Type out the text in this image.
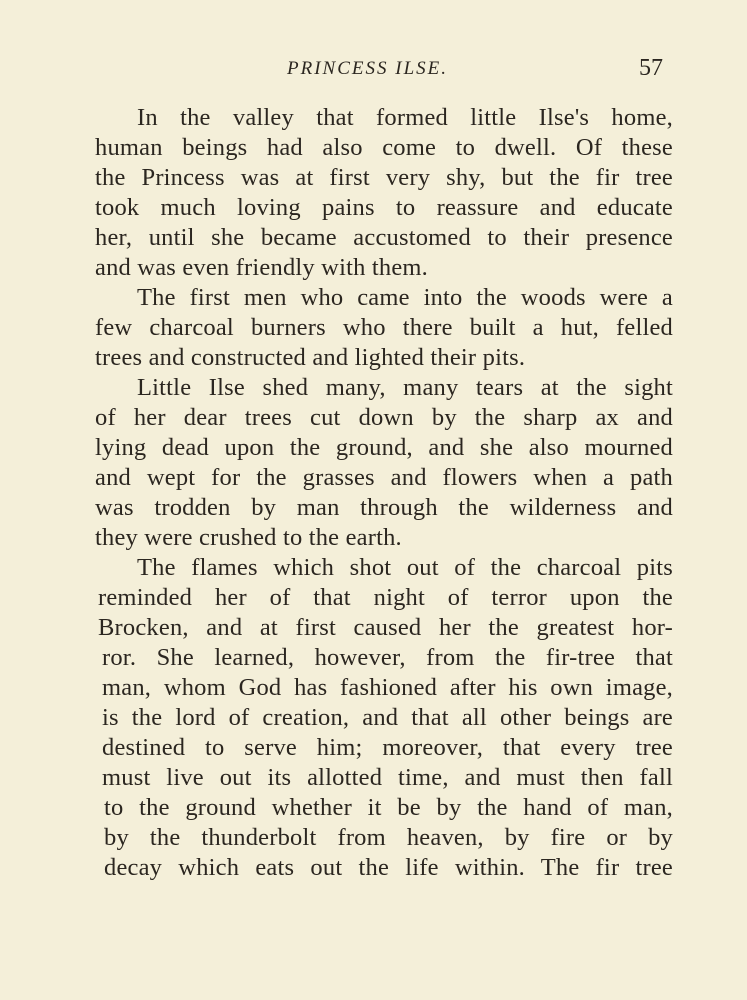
PRINCESS ILSE.	57
In the valley that formed little Ilse's home,
human beings had also come to dwell. Of these
the Princess was at first very shy, but the fir tree
took much loving pains to reassure and educate
her, until she became accustomed to their presence
and was even friendly with them.
The first men who came into the woods were a
few charcoal burners who there built a hut, felled
trees and constructed and lighted their pits.
Little Ilse shed many, many tears at the sight
of her dear trees cut down by the sharp ax and
lying dead upon the ground, and she also mourned
and wept for the grasses and flowers when a path
was trodden by man through the wilderness and
they were crushed to the earth.
The flames which shot out of the charcoal pits
reminded her of that night of terror upon the
Brocken, and at first caused her the greatest hor-
ror. She learned, however, from the fir-tree that
man, whom God has fashioned after his own image,
is the lord of creation, and that all other beings are
destined to serve him; moreover, that every tree
must live out its allotted time, and must then fall
to the ground whether it be by the hand of man,
by the thunderbolt from heaven, by fire or by
decay which eats out the life within. The fir tree
